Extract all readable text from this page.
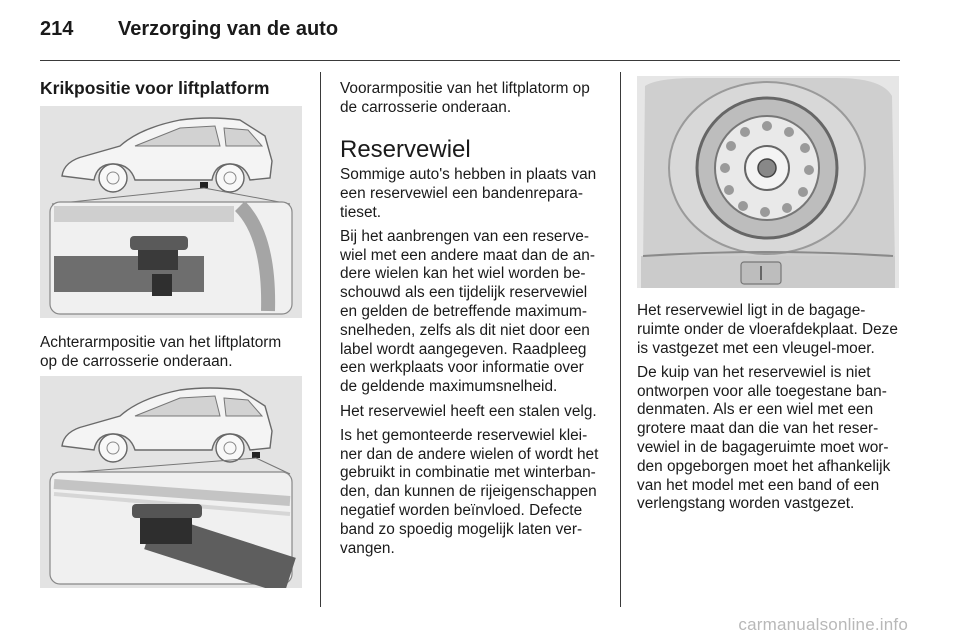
214 Verzorging van de auto
Krikpositie voor liftplatform
Achterarmpositie van het liftplatorm op de carrosserie onderaan.
Voorarmpositie van het liftplatorm op de carrosserie onderaan.
Reservewiel

Sommige auto's hebben in plaats van een reservewiel een bandenrepara-tieset.

Bij het aanbrengen van een reserve-wiel met een andere maat dan de an-dere wielen kan het wiel worden be-schouwd als een tijdelijk reservewiel en gelden de betreffende maximum-snelheden, zelfs als dit niet door een label wordt aangegeven. Raadpleeg een werkplaats voor informatie over de geldende maximumsnelheid.

Het reservewiel heeft een stalen velg.

Is het gemonteerde reservewiel klei-ner dan de andere wielen of wordt het gebruikt in combinatie met winterban-den, dan kunnen de rijeigenschappen negatief worden beïnvloed. Defecte band zo spoedig mogelijk laten ver-vangen.

Het reservewiel ligt in de bagage-ruimte onder de vloerafdekplaat. Deze is vastgezet met een vleugel-moer.

De kuip van het reservewiel is niet ontworpen voor alle toegestane ban-denmaten. Als er een wiel met een grotere maat dan die van het reser-vewiel in de bagageruimte moet wor-den opgeborgen moet het afhankelijk van het model met een band of een verlengstang worden vastgezet.

carmanualsonline.info
